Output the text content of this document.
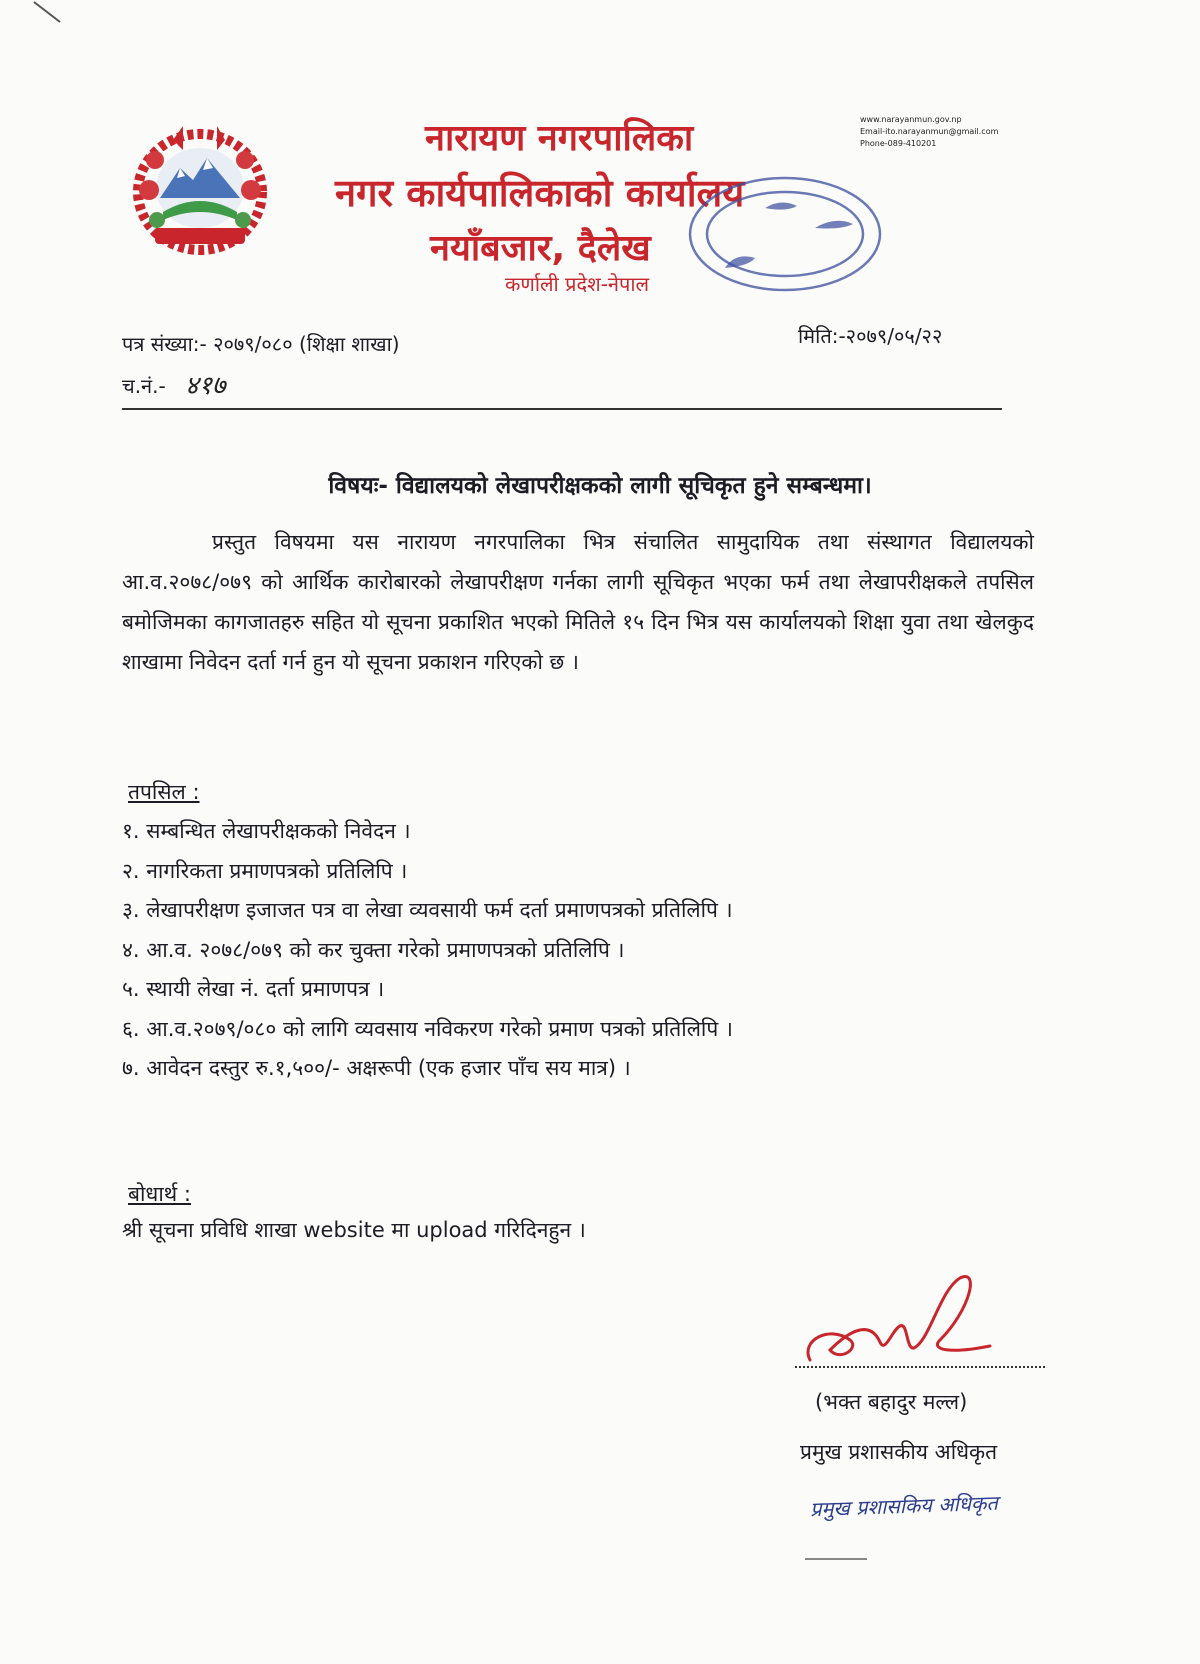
नारायण नगरपालिका
नगर कार्यपालिकाको कार्यालय
नयाँबजार, दैलेख
कर्णाली प्रदेश-नेपाल
www.narayanmun.gov.np
Email-ito.narayanmun@gmail.com
Phone-089-410201
पत्र संख्या:- २०७९/०८० (शिक्षा शाखा)	मिति:-२०७९/०५/२२
च.नं.- ४१७
विषयः- विद्यालयको लेखापरीक्षकको लागी सूचिकृत हुने सम्बन्धमा।
प्रस्तुत विषयमा यस नारायण नगरपालिका भित्र संचालित सामुदायिक तथा संस्थागत विद्यालयको आ.व.२०७८/०७९ को आर्थिक कारोबारको लेखापरीक्षण गर्नका लागी सूचिकृत भएका फर्म तथा लेखापरीक्षकले तपसिल बमोजिमका कागजातहरु सहित यो सूचना प्रकाशित भएको मितिले १५ दिन भित्र यस कार्यालयको शिक्षा युवा तथा खेलकुद शाखामा निवेदन दर्ता गर्न हुन यो सूचना प्रकाशन गरिएको छ ।
तपसिल :
१. सम्बन्धित लेखापरीक्षकको निवेदन ।
२. नागरिकता प्रमाणपत्रको प्रतिलिपि ।
३. लेखापरीक्षण इजाजत पत्र वा लेखा व्यवसायी फर्म दर्ता प्रमाणपत्रको प्रतिलिपि ।
४. आ.व. २०७८/०७९ को कर चुक्ता गरेको प्रमाणपत्रको प्रतिलिपि ।
५. स्थायी लेखा नं. दर्ता प्रमाणपत्र ।
६. आ.व.२०७९/०८० को लागि व्यवसाय नविकरण गरेको प्रमाण पत्रको प्रतिलिपि ।
७. आवेदन दस्तुर रु.१,५००/- अक्षरूपी (एक हजार पाँच सय मात्र) ।
बोधार्थ :
श्री सूचना प्रविधि शाखा website मा upload गरिदिनहुन ।
(भक्त बहादुर मल्ल)
प्रमुख प्रशासकीय अधिकृत
प्रमुख प्रशासकिय अधिकृत
